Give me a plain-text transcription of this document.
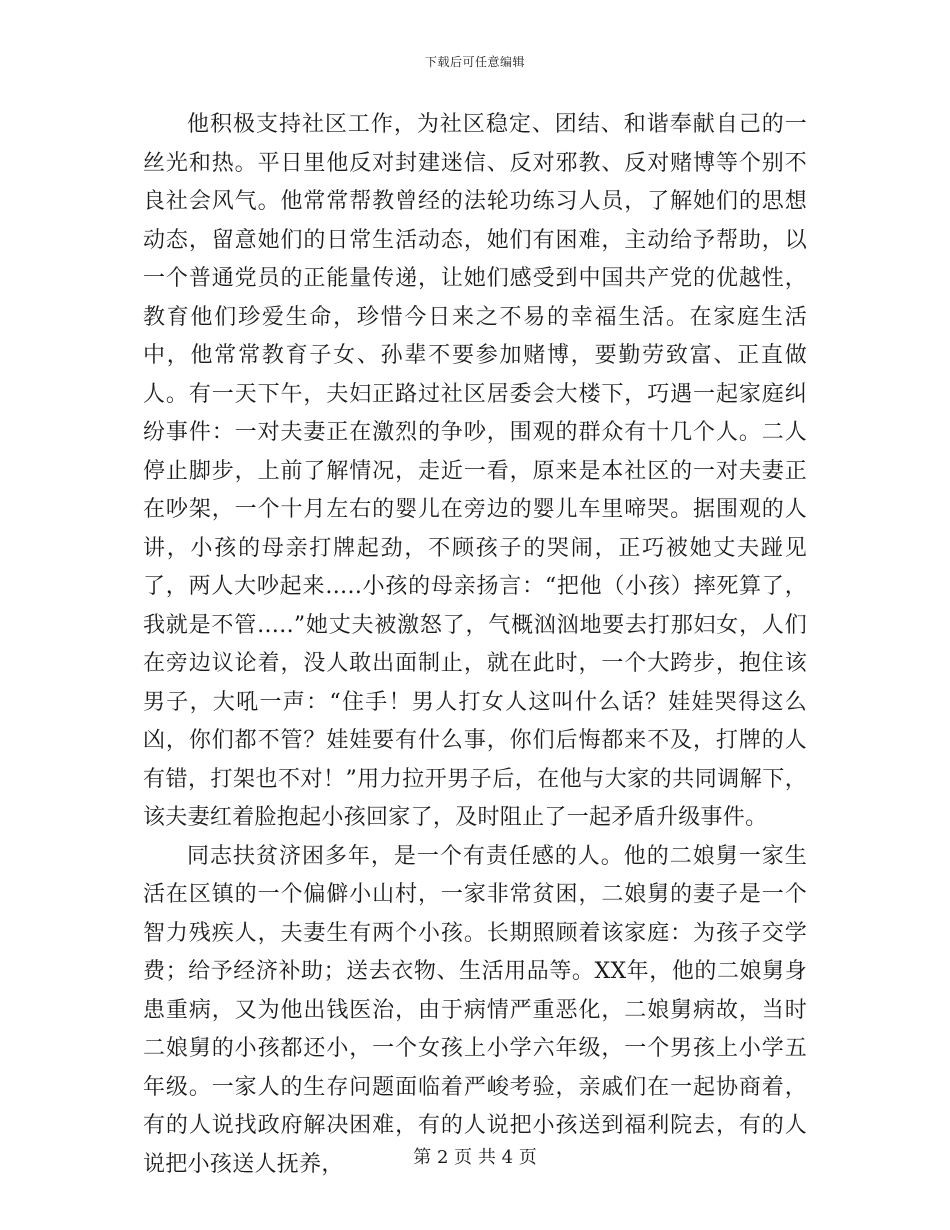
下载后可任意编辑

他积极支持社区工作，为社区稳定、团结、和谐奉献自己的一丝光和热。平日里他反对封建迷信、反对邪教、反对赌博等个别不良社会风气。他常常帮教曾经的法轮功练习人员，了解她们的思想动态，留意她们的日常生活动态，她们有困难，主动给予帮助，以一个普通党员的正能量传递，让她们感受到中国共产党的优越性，教育他们珍爱生命，珍惜今日来之不易的幸福生活。在家庭生活中，他常常教育子女、孙辈不要参加赌博，要勤劳致富、正直做人。有一天下午，夫妇正路过社区居委会大楼下，巧遇一起家庭纠纷事件：一对夫妻正在激烈的争吵，围观的群众有十几个人。二人停止脚步，上前了解情况，走近一看，原来是本社区的一对夫妻正在吵架，一个十月左右的婴儿在旁边的婴儿车里啼哭。据围观的人讲，小孩的母亲打牌起劲，不顾孩子的哭闹，正巧被她丈夫踫见了，两人大吵起来…..小孩的母亲扬言：“把他（小孩）摔死算了，我就是不管…..”她丈夫被激怒了，气概汹汹地要去打那妇女，人们在旁边议论着，没人敢出面制止，就在此时，一个大跨步，抱住该男子，大吼一声：“住手！男人打女人这叫什么话？娃娃哭得这么凶，你们都不管？娃娃要有什么事，你们后悔都来不及，打牌的人有错，打架也不对！”用力拉开男子后，在他与大家的共同调解下，该夫妻红着脸抱起小孩回家了，及时阻止了一起矛盾升级事件。

同志扶贫济困多年，是一个有责任感的人。他的二娘舅一家生活在区镇的一个偏僻小山村，一家非常贫困，二娘舅的妻子是一个智力残疾人，夫妻生有两个小孩。长期照顾着该家庭：为孩子交学费；给予经济补助；送去衣物、生活用品等。XX年，他的二娘舅身患重病，又为他出钱医治，由于病情严重恶化，二娘舅病故，当时二娘舅的小孩都还小，一个女孩上小学六年级，一个男孩上小学五年级。一家人的生存问题面临着严峻考验，亲戚们在一起协商着，有的人说找政府解决困难，有的人说把小孩送到福利院去，有的人说把小孩送人抚养，	第 2 页 共 4 页
